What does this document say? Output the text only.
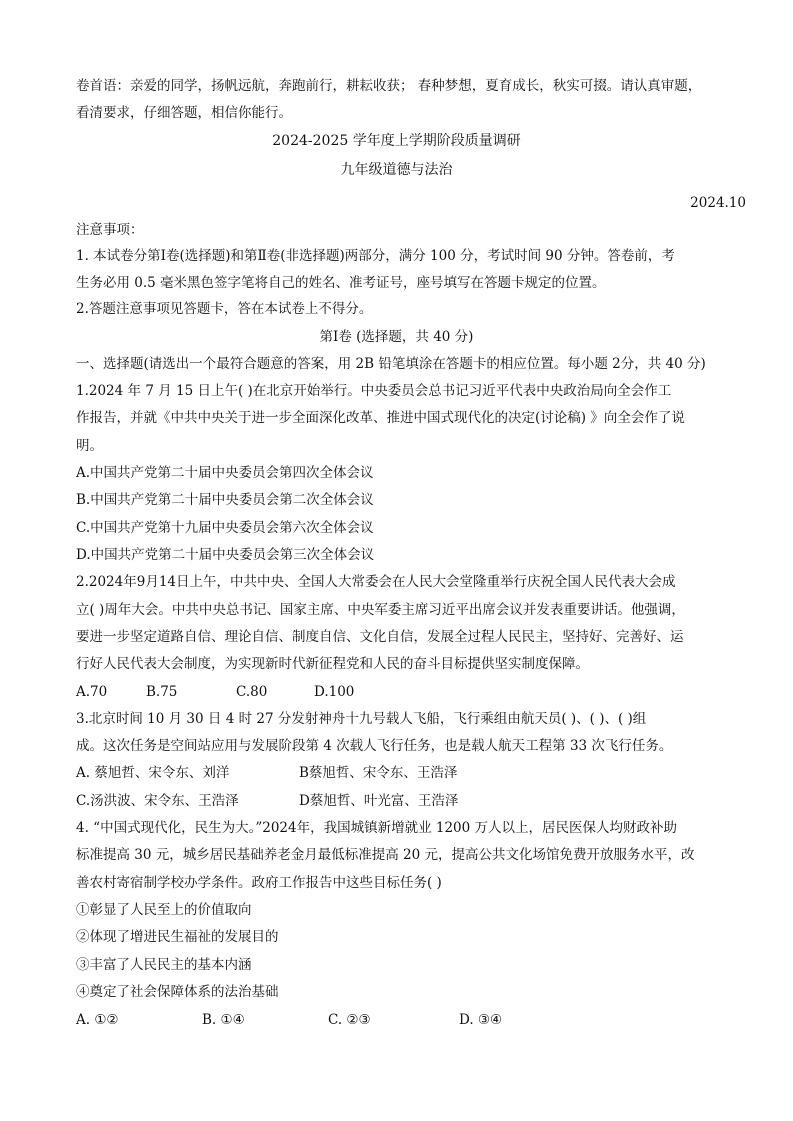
卷首语：亲爱的同学，扬帆远航，奔跑前行，耕耘收获； 春种梦想，夏育成长，秋实可掇。请认真审题，
看清要求，仔细答题，相信你能行。
2024-2025 学年度上学期阶段质量调研
九年级道德与法治
2024.10
注意事项：
1. 本试卷分第Ⅰ卷(选择题)和第Ⅱ卷(非选择题)两部分，满分 100 分，考试时间 90 分钟。答卷前，考
生务必用 0.5 毫米黑色签字笔将自己的姓名、准考证号，座号填写在答题卡规定的位置。
2.答题注意事项见答题卡，答在本试卷上不得分。
第Ⅰ卷 (选择题，共 40 分)
一、选择题(请选出一个最符合题意的答案，用 2B 铅笔填涂在答题卡的相应位置。每小题 2分，共 40 分)
1.2024 年 7 月 15 日上午( )在北京开始举行。中央委员会总书记习近平代表中央政治局向全会作工
作报告，并就《中共中央关于进一步全面深化改革、推进中国式现代化的决定(讨论稿) 》向全会作了说
明。
A.中国共产党第二十届中央委员会第四次全体会议
B.中国共产党第二十届中央委员会第二次全体会议
C.中国共产党第十九届中央委员会第六次全体会议
D.中国共产党第二十届中央委员会第三次全体会议
2.2024年9月14日上午，中共中央、全国人大常委会在人民大会堂隆重举行庆祝全国人民代表大会成
立( )周年大会。中共中央总书记、国家主席、中央军委主席习近平出席会议并发表重要讲话。他强调，
要进一步坚定道路自信、理论自信、制度自信、文化自信，发展全过程人民民主，坚持好、完善好、运
行好人民代表大会制度，为实现新时代新征程党和人民的奋斗目标提供坚实制度保障。
A.70	B.75	C.80	D.100
3.北京时间 10 月 30 日 4 时 27 分发射神舟十九号载人飞船，飞行乘组由航天员( )、( )、( )组
成。这次任务是空间站应用与发展阶段第 4 次载人飞行任务，也是载人航天工程第 33 次飞行任务。
A. 蔡旭哲、宋令东、刘洋	B蔡旭哲、宋令东、王浩泽
C.汤洪波、宋令东、王浩泽	D蔡旭哲、叶光富、王浩泽
4. “中国式现代化，民生为大。”2024年，我国城镇新增就业 1200 万人以上，居民医保人均财政补助
标准提高 30 元，城乡居民基础养老金月最低标准提高 20 元，提高公共文化场馆免费开放服务水平，改
善农村寄宿制学校办学条件。政府工作报告中这些目标任务( )
①彰显了人民至上的价值取向
②体现了增进民生福祉的发展目的
③丰富了人民民主的基本内涵
④奠定了社会保障体系的法治基础
A. ①②	B. ①④	C. ②③	D. ③④
